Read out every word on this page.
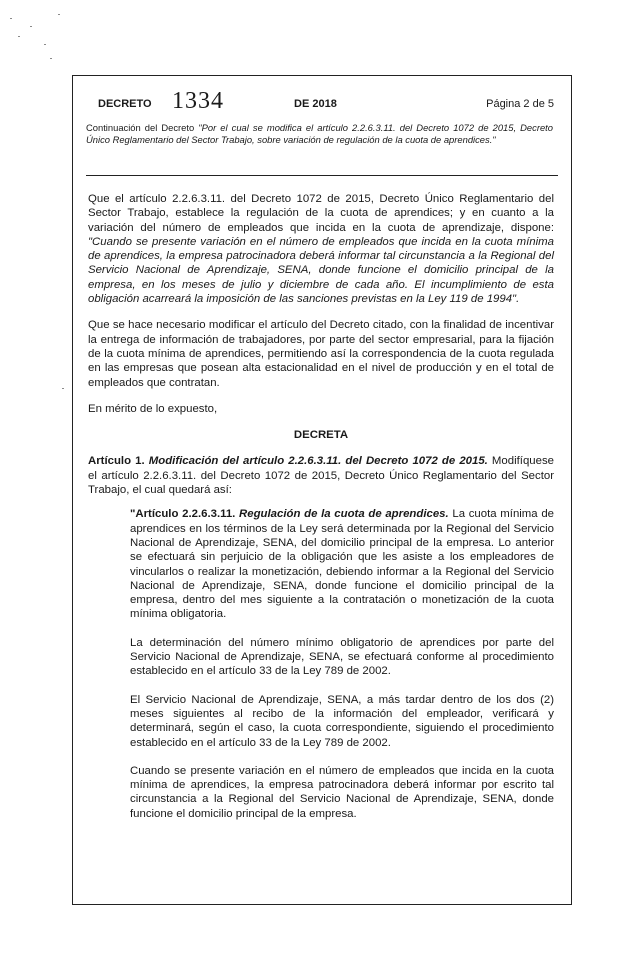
DECRETO 1334	DE 2018	Página 2 de 5
Continuación del Decreto "Por el cual se modifica el artículo 2.2.6.3.11. del Decreto 1072 de 2015, Decreto Único Reglamentario del Sector Trabajo, sobre variación de regulación de la cuota de aprendices."

Que el artículo 2.2.6.3.11. del Decreto 1072 de 2015, Decreto Único Reglamentario del Sector Trabajo, establece la regulación de la cuota de aprendices; y en cuanto a la variación del número de empleados que incida en la cuota de aprendizaje, dispone: "Cuando se presente variación en el número de empleados que incida en la cuota mínima de aprendices, la empresa patrocinadora deberá informar tal circunstancia a la Regional del Servicio Nacional de Aprendizaje, SENA, donde funcione el domicilio principal de la empresa, en los meses de julio y diciembre de cada año. El incumplimiento de esta obligación acarreará la imposición de las sanciones previstas en la Ley 119 de 1994".

Que se hace necesario modificar el artículo del Decreto citado, con la finalidad de incentivar la entrega de información de trabajadores, por parte del sector empresarial, para la fijación de la cuota mínima de aprendices, permitiendo así la correspondencia de la cuota regulada en las empresas que posean alta estacionalidad en el nivel de producción y en el total de empleados que contratan.

En mérito de lo expuesto,

DECRETA

Artículo 1. Modificación del artículo 2.2.6.3.11. del Decreto 1072 de 2015. Modifíquese el artículo 2.2.6.3.11. del Decreto 1072 de 2015, Decreto Único Reglamentario del Sector Trabajo, el cual quedará así:

"Artículo 2.2.6.3.11. Regulación de la cuota de aprendices. La cuota mínima de aprendices en los términos de la Ley será determinada por la Regional del Servicio Nacional de Aprendizaje, SENA, del domicilio principal de la empresa. Lo anterior se efectuará sin perjuicio de la obligación que les asiste a los empleadores de vincularlos o realizar la monetización, debiendo informar a la Regional del Servicio Nacional de Aprendizaje, SENA, donde funcione el domicilio principal de la empresa, dentro del mes siguiente a la contratación o monetización de la cuota mínima obligatoria.

La determinación del número mínimo obligatorio de aprendices por parte del Servicio Nacional de Aprendizaje, SENA, se efectuará conforme al procedimiento establecido en el artículo 33 de la Ley 789 de 2002.

El Servicio Nacional de Aprendizaje, SENA, a más tardar dentro de los dos (2) meses siguientes al recibo de la información del empleador, verificará y determinará, según el caso, la cuota correspondiente, siguiendo el procedimiento establecido en el artículo 33 de la Ley 789 de 2002.

Cuando se presente variación en el número de empleados que incida en la cuota mínima de aprendices, la empresa patrocinadora deberá informar por escrito tal circunstancia a la Regional del Servicio Nacional de Aprendizaje, SENA, donde funcione el domicilio principal de la empresa.
